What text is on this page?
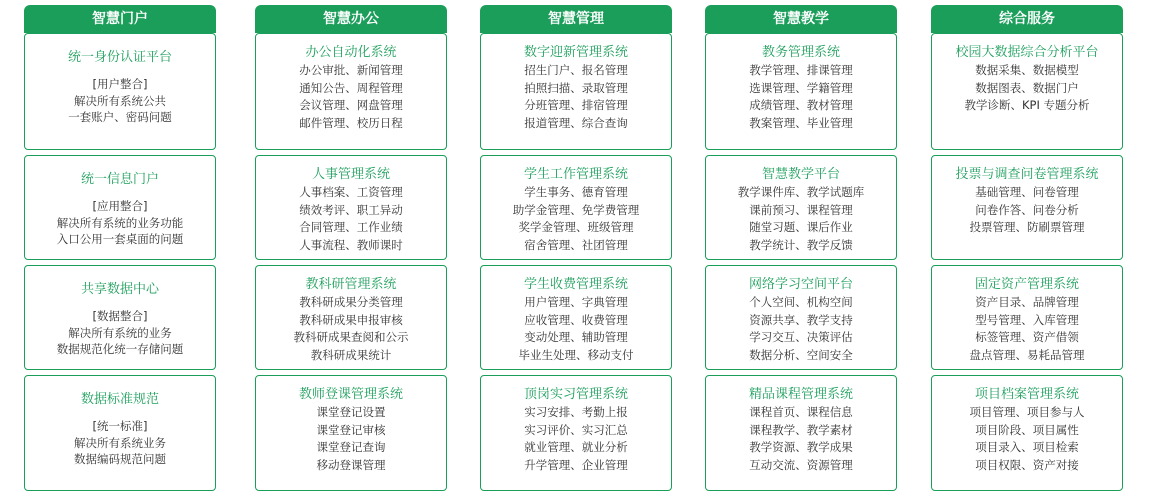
智慧门户
统一身份认证平台
[用户整合]
解决所有系统公共
一套账户、密码问题
统一信息门户
[应用整合]
解决所有系统的业务功能
入口公用一套桌面的问题
共享数据中心
[数据整合]
解决所有系统的业务
数据规范化统一存储问题
数据标准规范
[统一标准]
解决所有系统业务
数据编码规范问题
智慧办公
办公自动化系统
办公审批、新闻管理
通知公告、周程管理
会议管理、网盘管理
邮件管理、校历日程
人事管理系统
人事档案、工资管理
绩效考评、职工异动
合同管理、工作业绩
人事流程、教师课时
教科研管理系统
教科研成果分类管理
教科研成果申报审核
教科研成果查阅和公示
教科研成果统计
教师登课管理系统
课堂登记设置
课堂登记审核
课堂登记查询
移动登课管理
智慧管理
数字迎新管理系统
招生门户、报名管理
拍照扫描、录取管理
分班管理、排宿管理
报道管理、综合查询
学生工作管理系统
学生事务、德育管理
助学金管理、免学费管理
奖学金管理、班级管理
宿舍管理、社团管理
学生收费管理系统
用户管理、字典管理
应收管理、收费管理
变动处理、辅助管理
毕业生处理、移动支付
顶岗实习管理系统
实习安排、考勤上报
实习评价、实习汇总
就业管理、就业分析
升学管理、企业管理
智慧教学
教务管理系统
教学管理、排课管理
选课管理、学籍管理
成绩管理、教材管理
教案管理、毕业管理
智慧教学平台
教学课件库、教学试题库
课前预习、课程管理
随堂习题、课后作业
教学统计、教学反馈
网络学习空间平台
个人空间、机构空间
资源共享、教学支持
学习交互、决策评估
数据分析、空间安全
精品课程管理系统
课程首页、课程信息
课程教学、教学素材
教学资源、教学成果
互动交流、资源管理
综合服务
校园大数据综合分析平台
数据采集、数据模型
数据图表、数据门户
教学诊断、KPI 专题分析
投票与调查问卷管理系统
基础管理、问卷管理
问卷作答、问卷分析
投票管理、防刷票管理
固定资产管理系统
资产目录、品牌管理
型号管理、入库管理
标签管理、资产借领
盘点管理、易耗品管理
项目档案管理系统
项目管理、项目参与人
项目阶段、项目属性
项目录入、项目检索
项目权限、资产对接
